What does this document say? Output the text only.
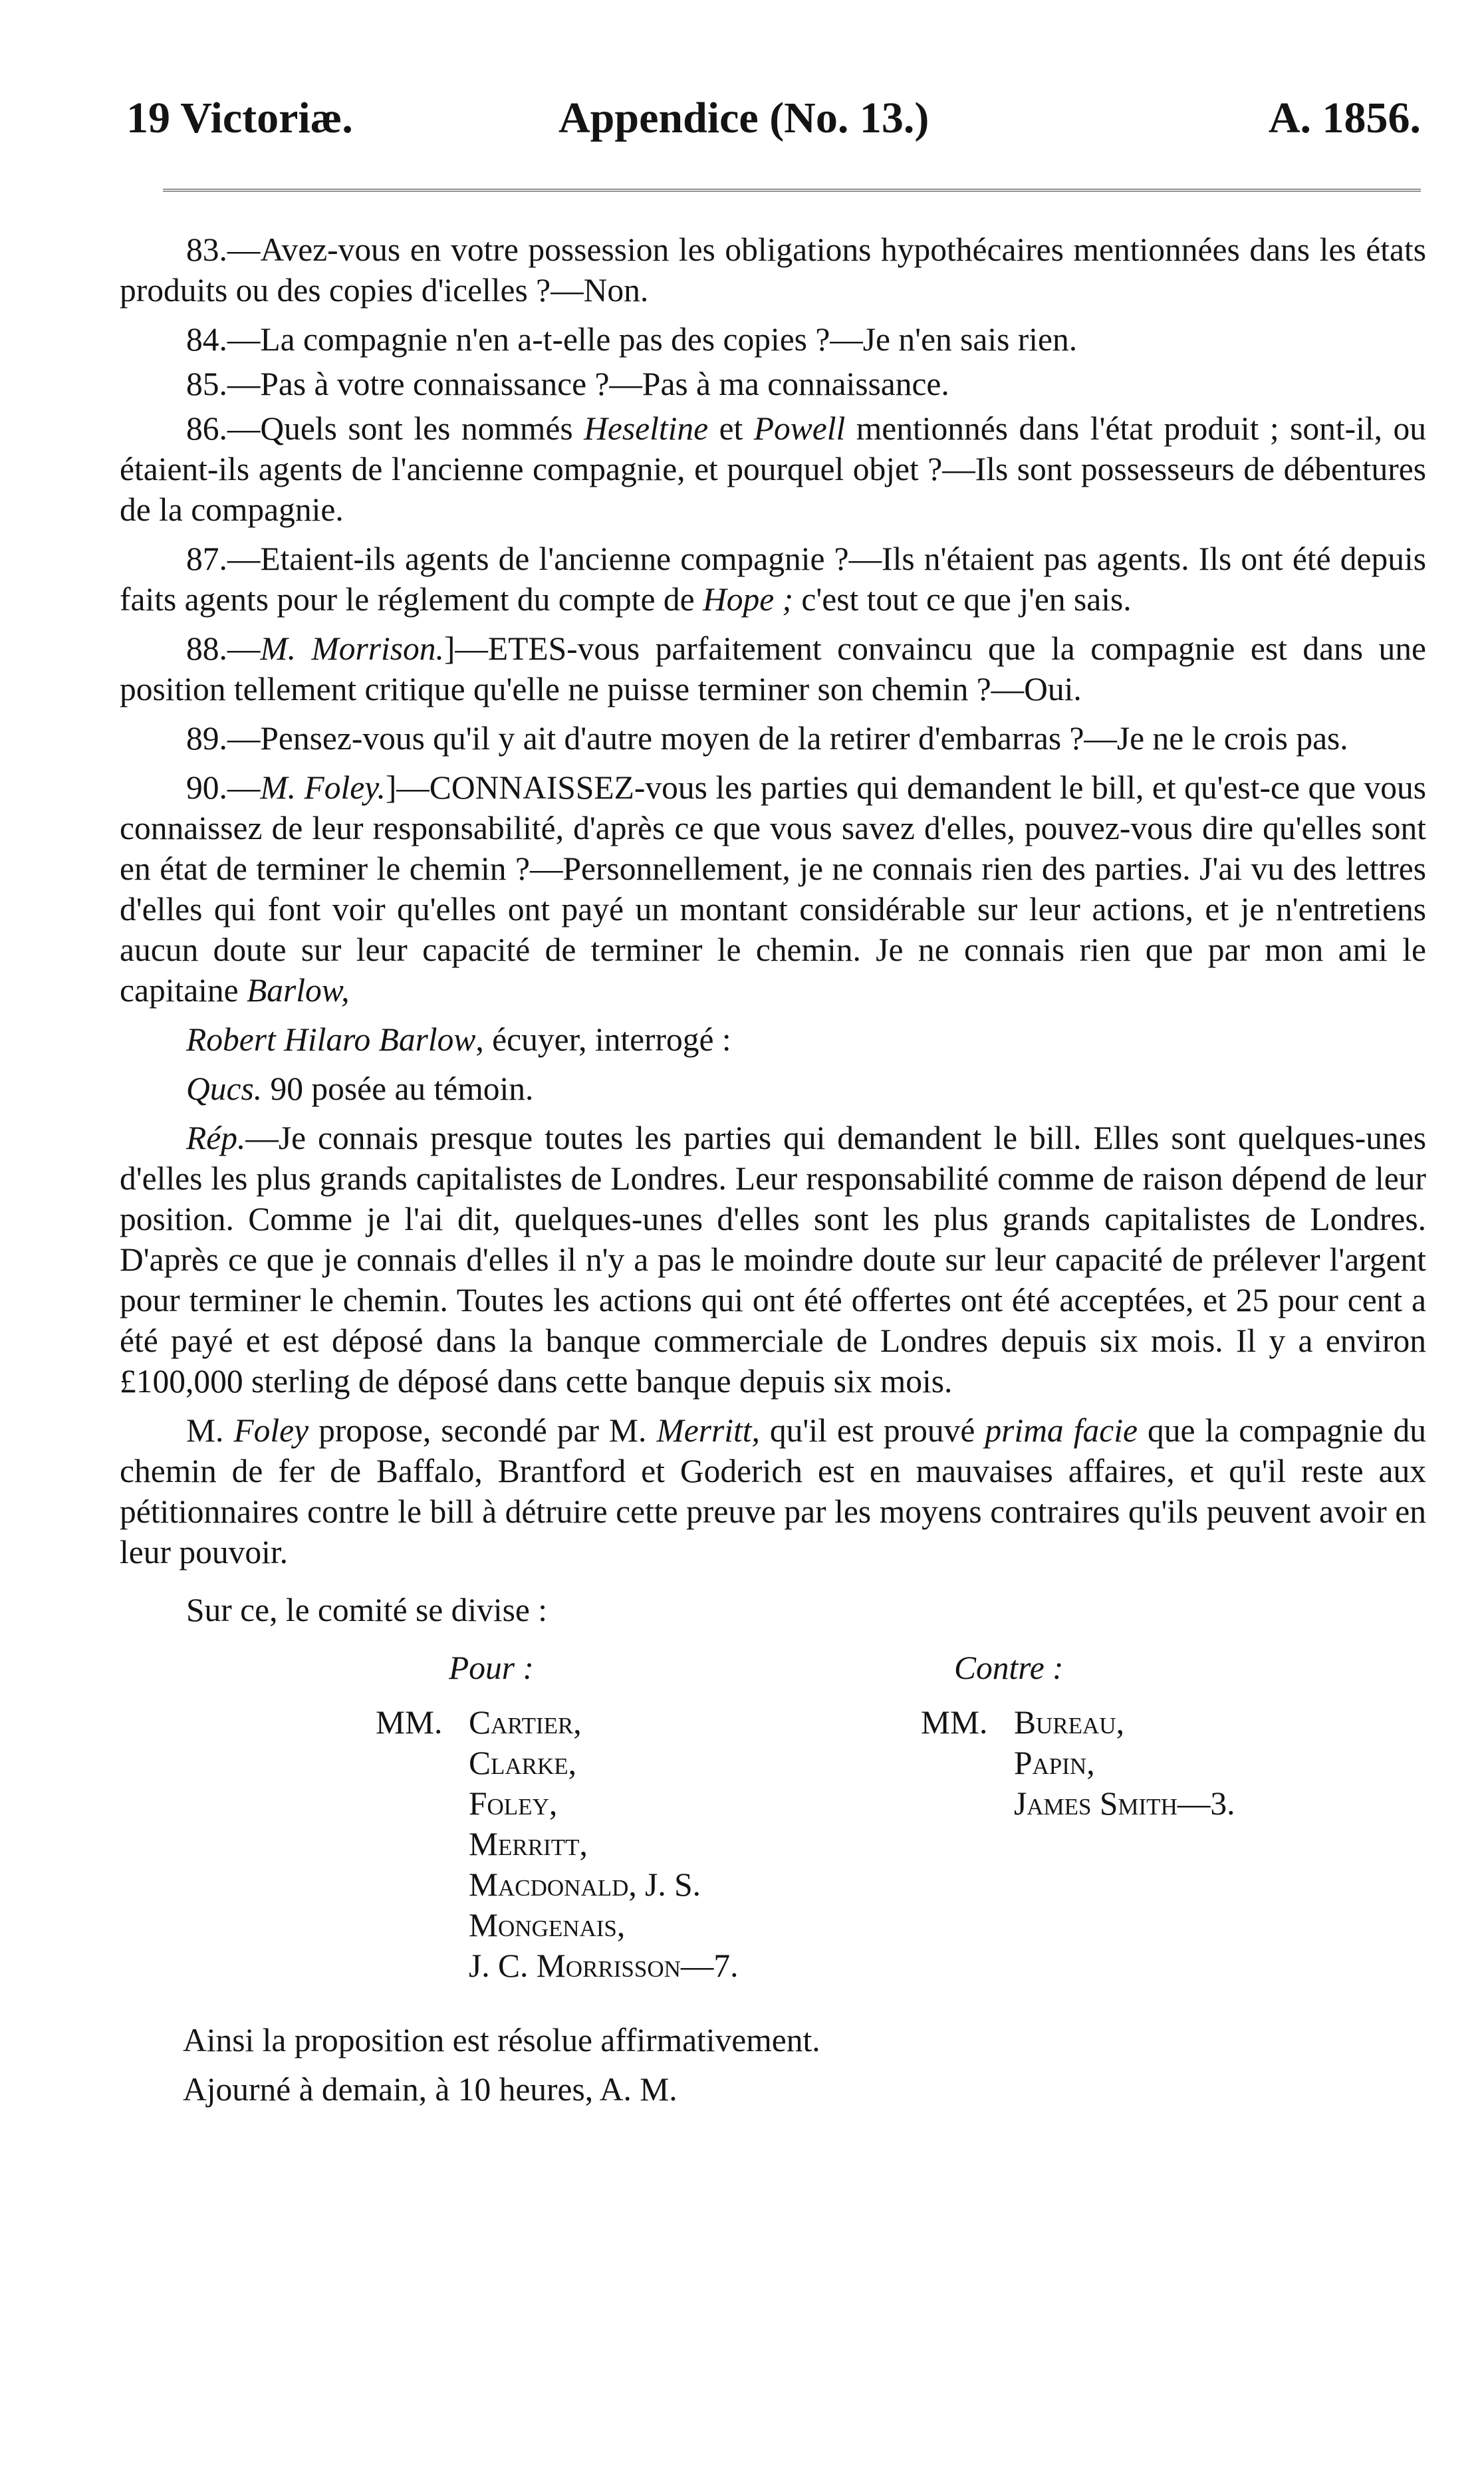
19 Victoriæ.	Appendice (No. 13.)	A. 1856.

83.—Avez-vous en votre possession les obligations hypothécaires mentionnées dans les états produits ou des copies d'icelles ?—Non.

84.—La compagnie n'en a-t-elle pas des copies ?—Je n'en sais rien.

85.—Pas à votre connaissance ?—Pas à ma connaissance.

86.—Quels sont les nommés Heseltine et Powell mentionnés dans l'état produit ; sont-il, ou étaient-ils agents de l'ancienne compagnie, et pourquel objet ?—Ils sont possesseurs de débentures de la compagnie.

87.—Etaient-ils agents de l'ancienne compagnie ?—Ils n'étaient pas agents. Ils ont été depuis faits agents pour le réglement du compte de Hope ; c'est tout ce que j'en sais.

88.—M. Morrison.]—ETES-vous parfaitement convaincu que la compagnie est dans une position tellement critique qu'elle ne puisse terminer son chemin ?—Oui.

89.—Pensez-vous qu'il y ait d'autre moyen de la retirer d'embarras ?—Je ne le crois pas.

90.—M. Foley.]—CONNAISSEZ-vous les parties qui demandent le bill, et qu'est-ce que vous connaissez de leur responsabilité, d'après ce que vous savez d'elles, pouvez-vous dire qu'elles sont en état de terminer le chemin ?—Personnellement, je ne connais rien des parties. J'ai vu des lettres d'elles qui font voir qu'elles ont payé un montant considérable sur leur actions, et je n'entretiens aucun doute sur leur capacité de terminer le chemin. Je ne connais rien que par mon ami le capitaine Barlow,

Robert Hilaro Barlow, écuyer, interrogé :

Qucs. 90 posée au témoin.

Rép.—Je connais presque toutes les parties qui demandent le bill. Elles sont quelques-unes d'elles les plus grands capitalistes de Londres. Leur responsabilité comme de raison dépend de leur position. Comme je l'ai dit, quelques-unes d'elles sont les plus grands capitalistes de Londres. D'après ce que je connais d'elles il n'y a pas le moindre doute sur leur capacité de prélever l'argent pour terminer le chemin. Toutes les actions qui ont été offertes ont été acceptées, et 25 pour cent a été payé et est déposé dans la banque commerciale de Londres depuis six mois. Il y a environ £100,000 sterling de déposé dans cette banque depuis six mois.

M. Foley propose, secondé par M. Merritt, qu'il est prouvé prima facie que la compagnie du chemin de fer de Baffalo, Brantford et Goderich est en mauvaises affaires, et qu'il reste aux pétitionnaires contre le bill à détruire cette preuve par les moyens contraires qu'ils peuvent avoir en leur pouvoir.

Sur ce, le comité se divise :

Pour :	Contre :
MM. Cartier,
Clarke,
Foley,
Merritt,
Macdonald, J. S.
Mongenais,
J. C. Morrisson—7.
MM. Bureau,
Papin,
James Smith—3.

Ainsi la proposition est résolue affirmativement.

Ajourné à demain, à 10 heures, A. M.
